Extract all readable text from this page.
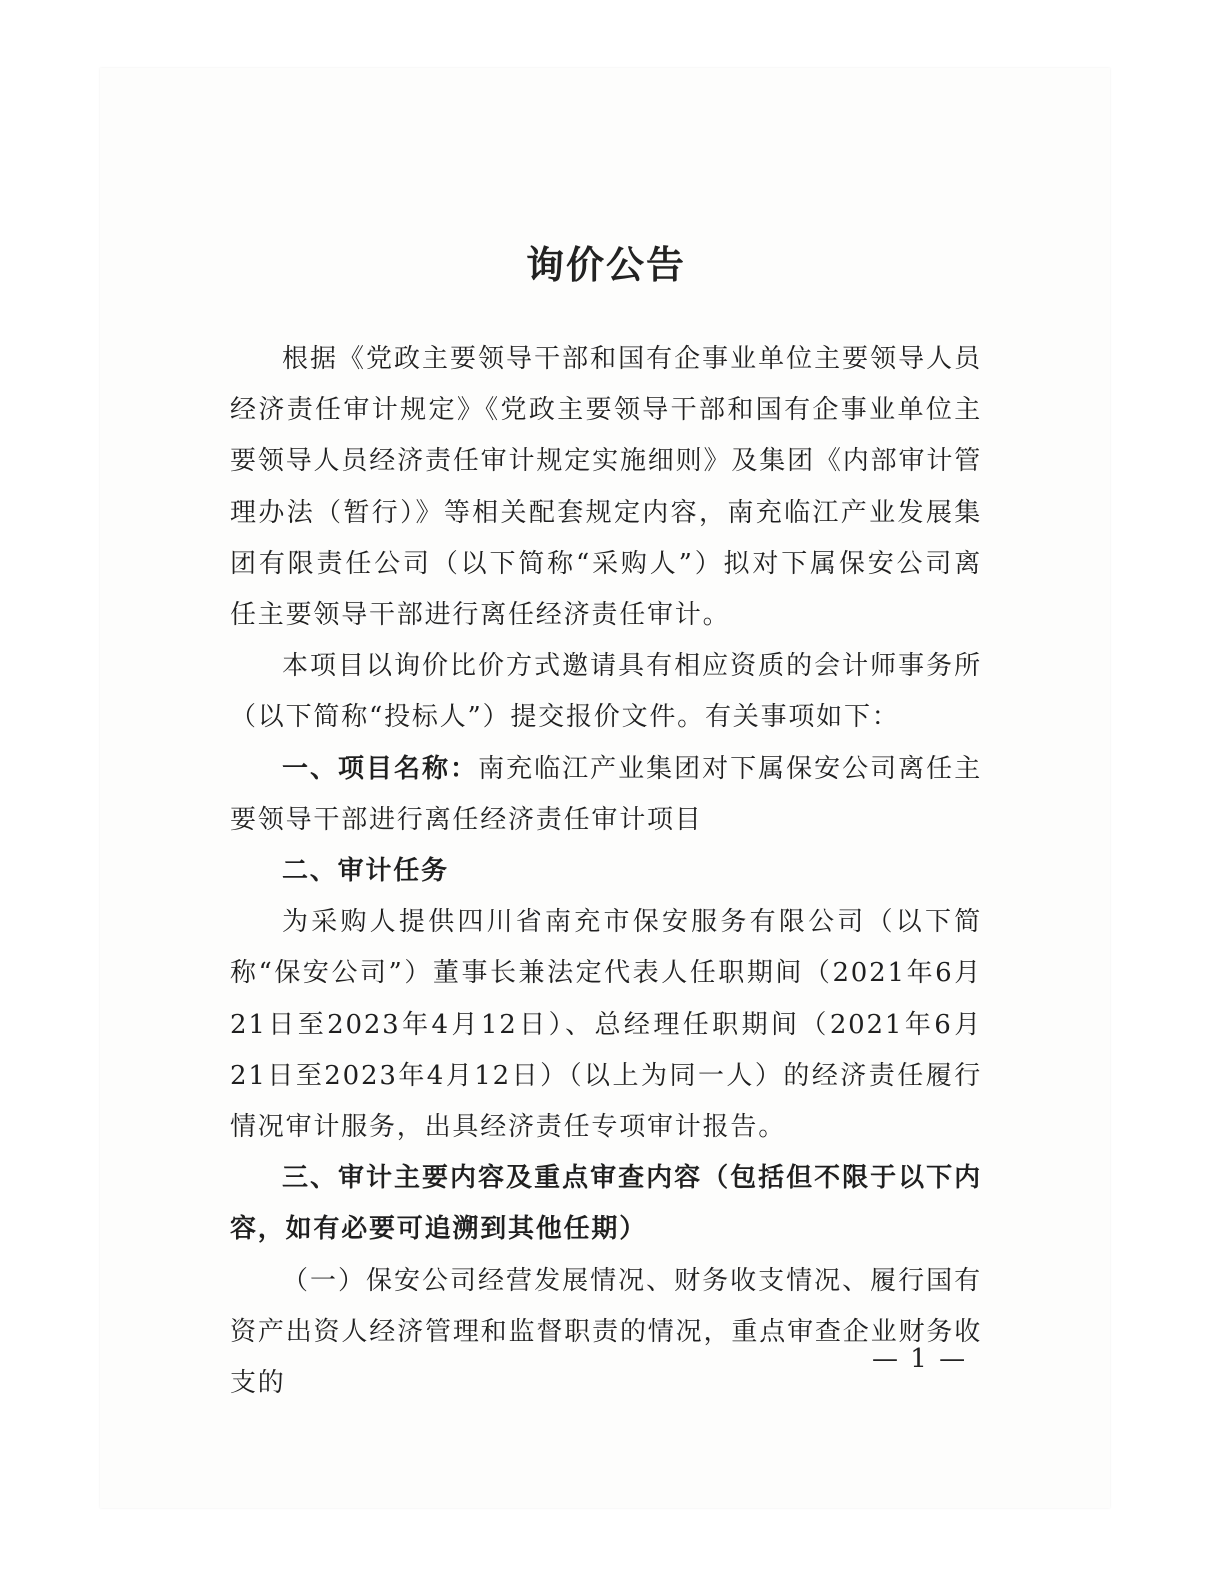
询价公告

根据《党政主要领导干部和国有企事业单位主要领导人员经济责任审计规定》《党政主要领导干部和国有企事业单位主要领导人员经济责任审计规定实施细则》及集团《内部审计管理办法（暂行）》等相关配套规定内容，南充临江产业发展集团有限责任公司（以下简称“采购人”）拟对下属保安公司离任主要领导干部进行离任经济责任审计。

本项目以询价比价方式邀请具有相应资质的会计师事务所（以下简称“投标人”）提交报价文件。有关事项如下：

一、项目名称：南充临江产业集团对下属保安公司离任主要领导干部进行离任经济责任审计项目

二、审计任务

为采购人提供四川省南充市保安服务有限公司（以下简称“保安公司”）董事长兼法定代表人任职期间（2021年6月21日至2023年4月12日）、总经理任职期间（2021年6月21日至2023年4月12日）（以上为同一人）的经济责任履行情况审计服务，出具经济责任专项审计报告。

三、审计主要内容及重点审查内容（包括但不限于以下内容，如有必要可追溯到其他任期）

（一）保安公司经营发展情况、财务收支情况、履行国有资产出资人经济管理和监督职责的情况，重点审查企业财务收支的

— 1 —
